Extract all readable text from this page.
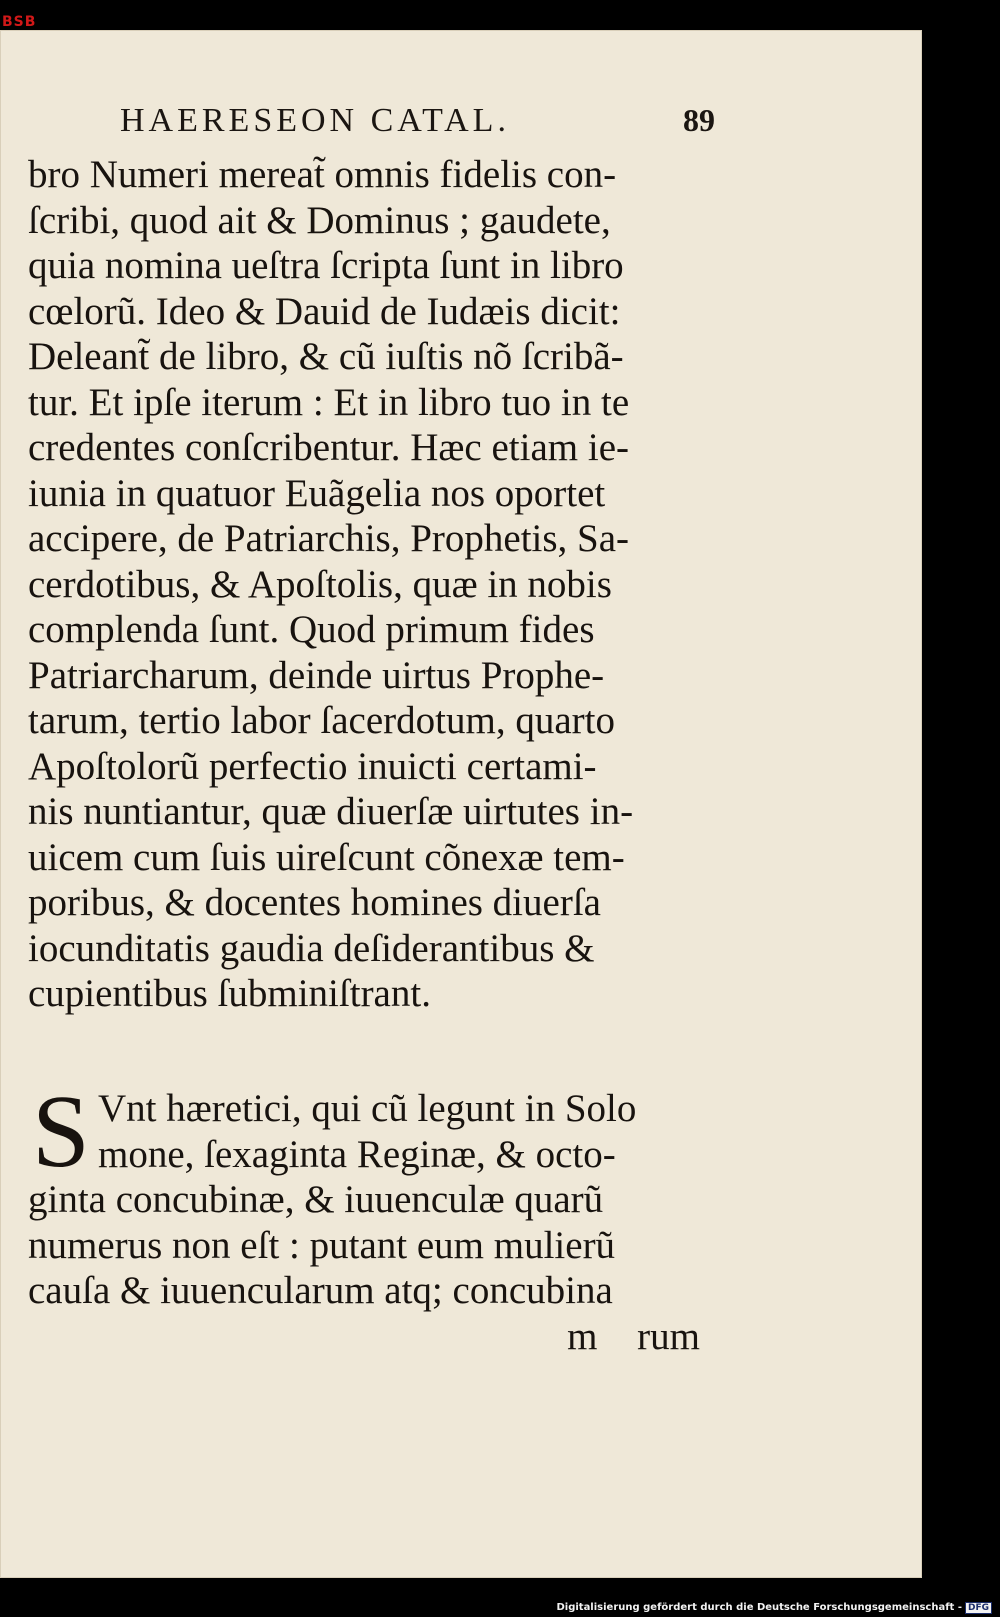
BSB
HAERESEON CATAL.	89
bro Numeri mereat̃ omnis fidelis con-
ſcribi, quod ait & Dominus ; gaudete,
quia nomina ueſtra ſcripta ſunt in libro
cœlorũ. Ideo & Dauid de Iudæis dicit:
Deleant̃ de libro, & cũ iuſtis nõ ſcribã-
tur. Et ipſe iterum : Et in libro tuo in te
credentes conſcribentur. Hæc etiam ie-
iunia in quatuor Euãgelia nos oportet
accipere, de Patriarchis, Prophetis, Sa-
cerdotibus, & Apoſtolis, quæ in nobis
complenda ſunt. Quod primum fides
Patriarcharum, deinde uirtus Prophe-
tarum, tertio labor ſacerdotum, quarto
Apoſtolorũ perfectio inuicti certami-
nis nuntiantur, quæ diuerſæ uirtutes in-
uicem cum ſuis uireſcunt cõnexæ tem-
poribus, & docentes homines diuerſa
iocunditatis gaudia deſiderantibus &
cupientibus ſubminiſtrant.
S Vnt hæretici, qui cũ legunt in Solo
mone, ſexaginta Reginæ, & octo-
ginta concubinæ, & iuuenculæ quarũ
numerus non eſt : putant eum mulierũ
cauſa & iuuencularum atq; concubina
m rum
Digitalisierung gefördert durch die Deutsche Forschungsgemeinschaft - DFG
